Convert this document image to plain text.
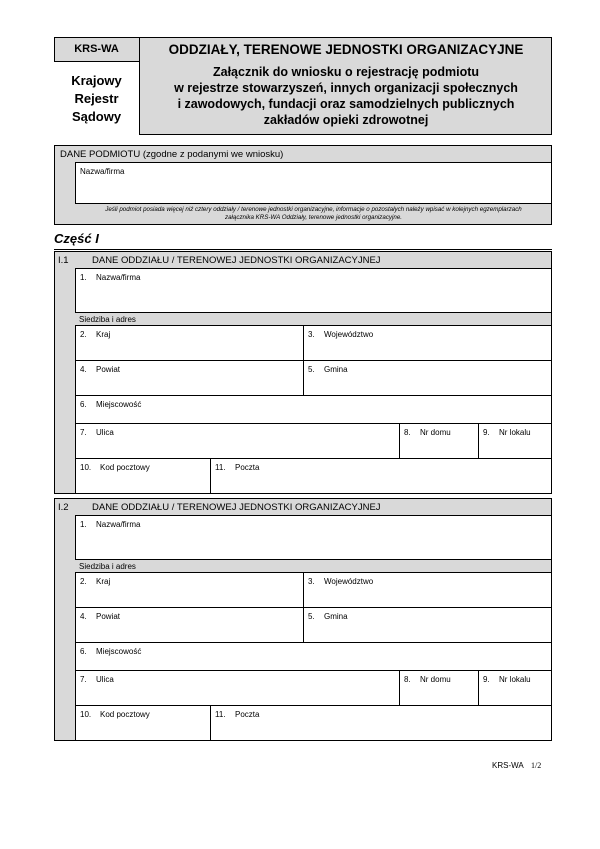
KRS-WA
Krajowy
Rejestr
Sądowy
ODDZIAŁY, TERENOWE JEDNOSTKI ORGANIZACYJNE
Załącznik do wniosku o rejestrację podmiotu
w rejestrze stowarzyszeń, innych organizacji społecznych
i zawodowych, fundacji oraz samodzielnych publicznych
zakładów opieki zdrowotnej
DANE PODMIOTU (zgodne z podanymi we wniosku)
Nazwa/firma
Jeśli podmiot posiada więcej niż cztery oddziały / terenowe jednostki organizacyjne, informacje o pozostałych należy wpisać w kolejnych egzemplarzach
załącznika KRS-WA Oddziały, terenowe jednostki organizacyjne.
Część I
I.1 DANE ODDZIAŁU / TERENOWEJ JEDNOSTKI ORGANIZACYJNEJ
1. Nazwa/firma
Siedziba i adres
2. Kraj	3. Województwo
4. Powiat	5. Gmina
6. Miejscowość
7. Ulica	8. Nr domu	9. Nr lokalu
10. Kod pocztowy	11. Poczta
I.2 DANE ODDZIAŁU / TERENOWEJ JEDNOSTKI ORGANIZACYJNEJ
1. Nazwa/firma
Siedziba i adres
2. Kraj	3. Województwo
4. Powiat	5. Gmina
6. Miejscowość
7. Ulica	8. Nr domu	9. Nr lokalu
10. Kod pocztowy	11. Poczta
KRS-WA 1/2
